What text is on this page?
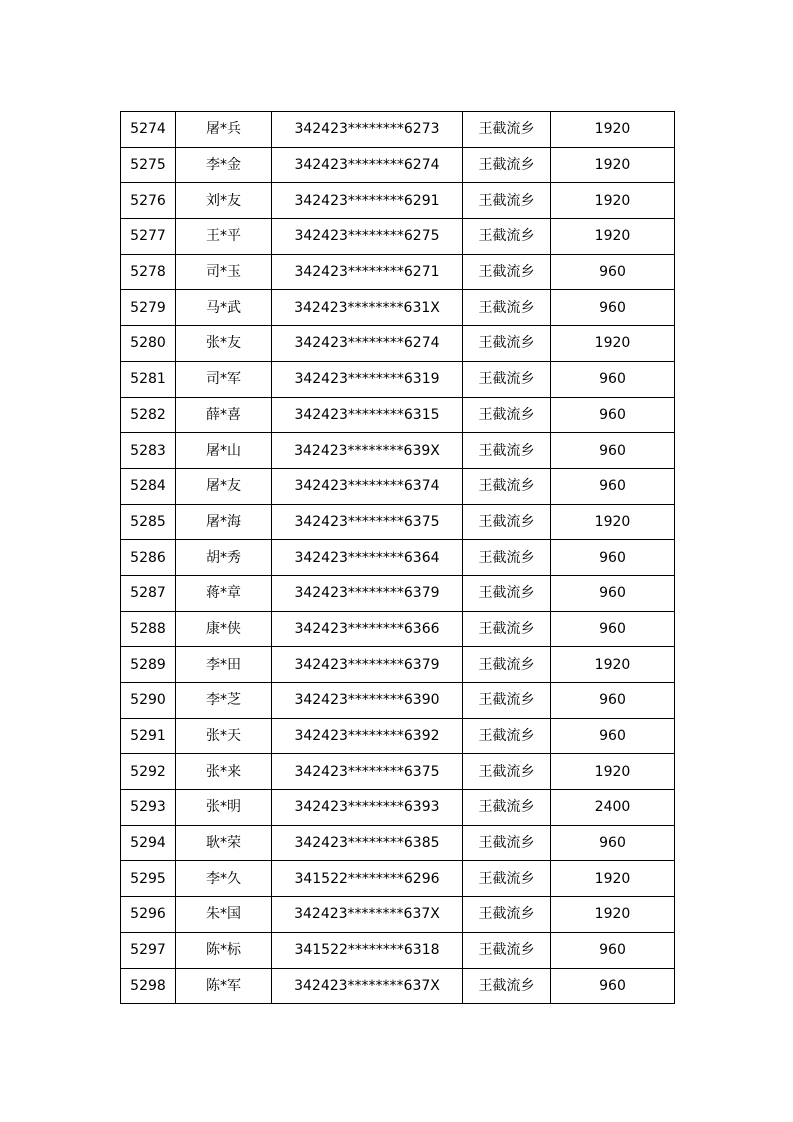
5274	屠*兵	342423********6273	王截流乡	1920
5275	李*金	342423********6274	王截流乡	1920
5276	刘*友	342423********6291	王截流乡	1920
5277	王*平	342423********6275	王截流乡	1920
5278	司*玉	342423********6271	王截流乡	960
5279	马*武	342423********631X	王截流乡	960
5280	张*友	342423********6274	王截流乡	1920
5281	司*军	342423********6319	王截流乡	960
5282	薛*喜	342423********6315	王截流乡	960
5283	屠*山	342423********639X	王截流乡	960
5284	屠*友	342423********6374	王截流乡	960
5285	屠*海	342423********6375	王截流乡	1920
5286	胡*秀	342423********6364	王截流乡	960
5287	蒋*章	342423********6379	王截流乡	960
5288	康*侠	342423********6366	王截流乡	960
5289	李*田	342423********6379	王截流乡	1920
5290	李*芝	342423********6390	王截流乡	960
5291	张*天	342423********6392	王截流乡	960
5292	张*来	342423********6375	王截流乡	1920
5293	张*明	342423********6393	王截流乡	2400
5294	耿*荣	342423********6385	王截流乡	960
5295	李*久	341522********6296	王截流乡	1920
5296	朱*国	342423********637X	王截流乡	1920
5297	陈*标	341522********6318	王截流乡	960
5298	陈*军	342423********637X	王截流乡	960
